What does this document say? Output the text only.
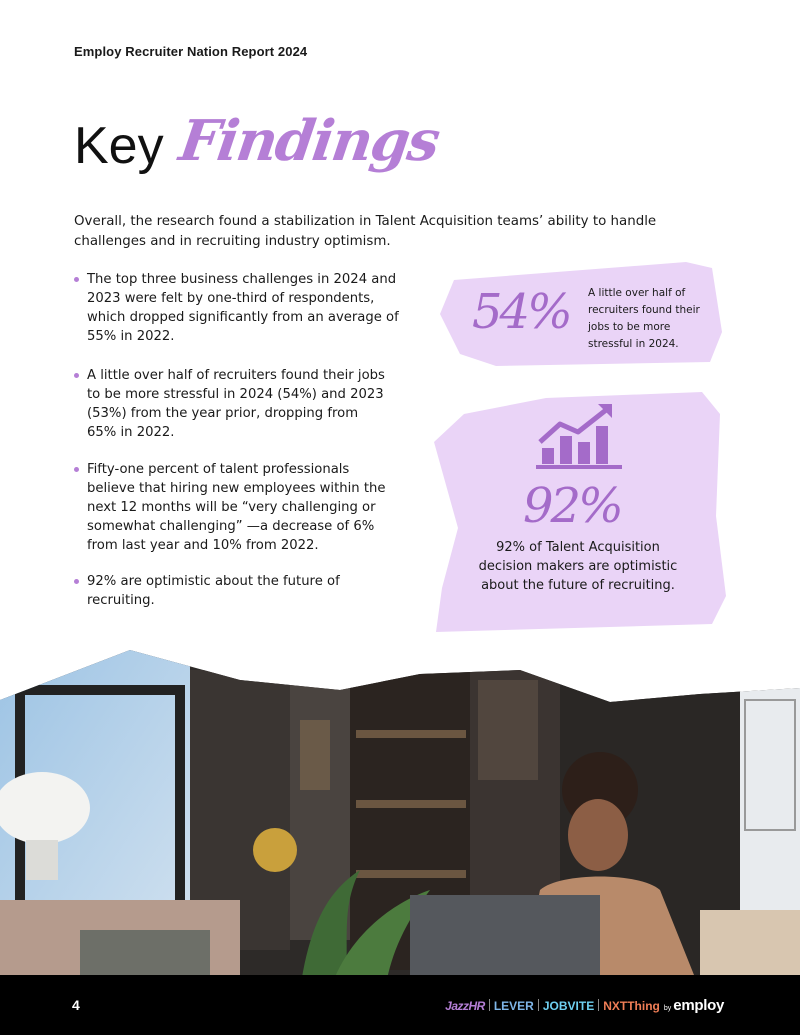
Employ Recruiter Nation Report 2024
Key Findings

Overall, the research found a stabilization in Talent Acquisition teams’ ability to handle challenges and in recruiting industry optimism.

The top three business challenges in 2024 and 2023 were felt by one-third of respondents, which dropped significantly from an average of 55% in 2022.
A little over half of recruiters found their jobs to be more stressful in 2024 (54%) and 2023 (53%) from the year prior, dropping from 65% in 2022.
Fifty-one percent of talent professionals believe that hiring new employees within the next 12 months will be “very challenging or somewhat challenging” —a decrease of 6% from last year and 10% from 2022.
92% are optimistic about the future of recruiting.
54% A little over half of recruiters found their jobs to be more stressful in 2024.
92%
92% of Talent Acquisition decision makers are optimistic about the future of recruiting.
4	JazzHR LEVER JOBVITE NXTThing by employ
